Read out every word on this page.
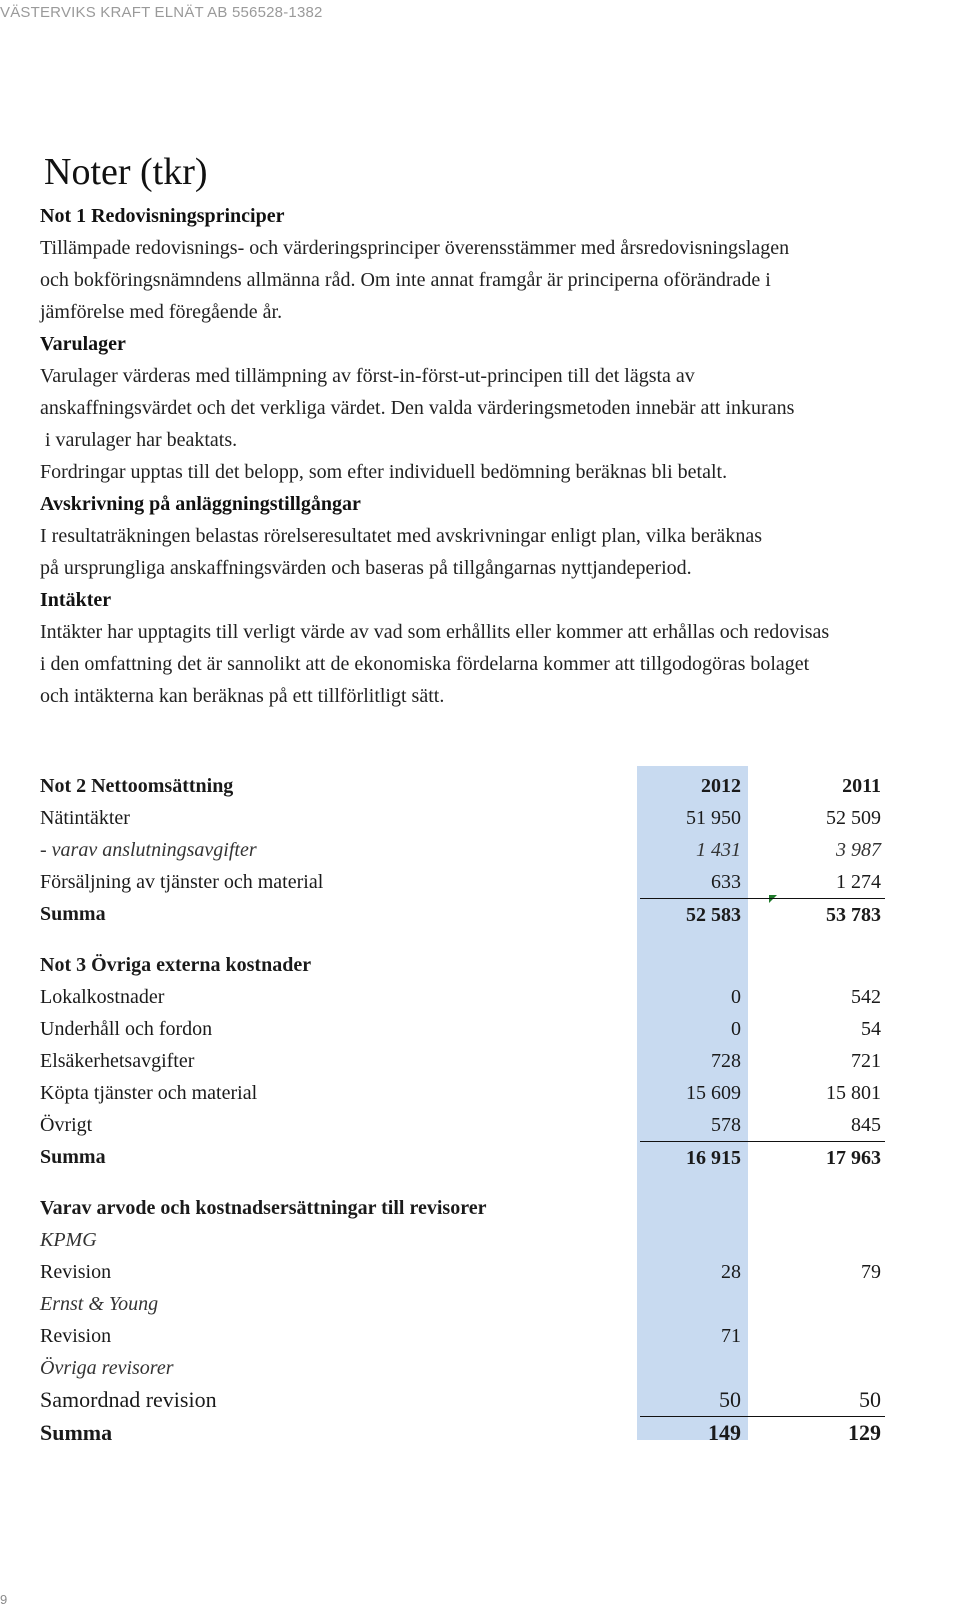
VÄSTERVIKS KRAFT ELNÄT AB 556528-1382
Noter (tkr)
Not 1 Redovisningsprinciper
Tillämpade redovisnings- och värderingsprinciper överensstämmer med årsredovisningslagen
och bokföringsnämndens allmänna råd. Om inte annat framgår är principerna oförändrade i
jämförelse med föregående år.
Varulager
Varulager värderas med tillämpning av först-in-först-ut-principen till det lägsta av
anskaffningsvärdet och det verkliga värdet. Den valda värderingsmetoden innebär att inkurans
i varulager har beaktats.
Fordringar upptas till det belopp, som efter individuell bedömning beräknas bli betalt.
Avskrivning på anläggningstillgångar
I resultaträkningen belastas rörelseresultatet med avskrivningar enligt plan, vilka beräknas
på ursprungliga anskaffningsvärden och baseras på tillgångarnas nyttjandeperiod.
Intäkter
Intäkter har upptagits till verligt värde av vad som erhållits eller kommer att erhållas och redovisas
i den omfattning det är sannolikt att de ekonomiska fördelarna kommer att tillgodogöras bolaget
och intäkterna kan beräknas på ett tillförlitligt sätt.
Not 2 Nettoomsättning	2012		2011
Nätintäkter	51 950		52 509
- varav anslutningsavgifter	1 431		3 987
Försäljning av tjänster och material	633		1 274
Summa	52 583		53 783

Not 3 Övriga externa kostnader			
Lokalkostnader	0		542
Underhåll och fordon	0		54
Elsäkerhetsavgifter	728		721
Köpta tjänster och material	15 609		15 801
Övrigt	578		845
Summa	16 915		17 963

Varav arvode och kostnadsersättningar till revisorer			
KPMG			
Revision	28		79
Ernst & Young			
Revision	71		
Övriga revisorer			
Samordnad revision	50		50
Summa	149		129
9
